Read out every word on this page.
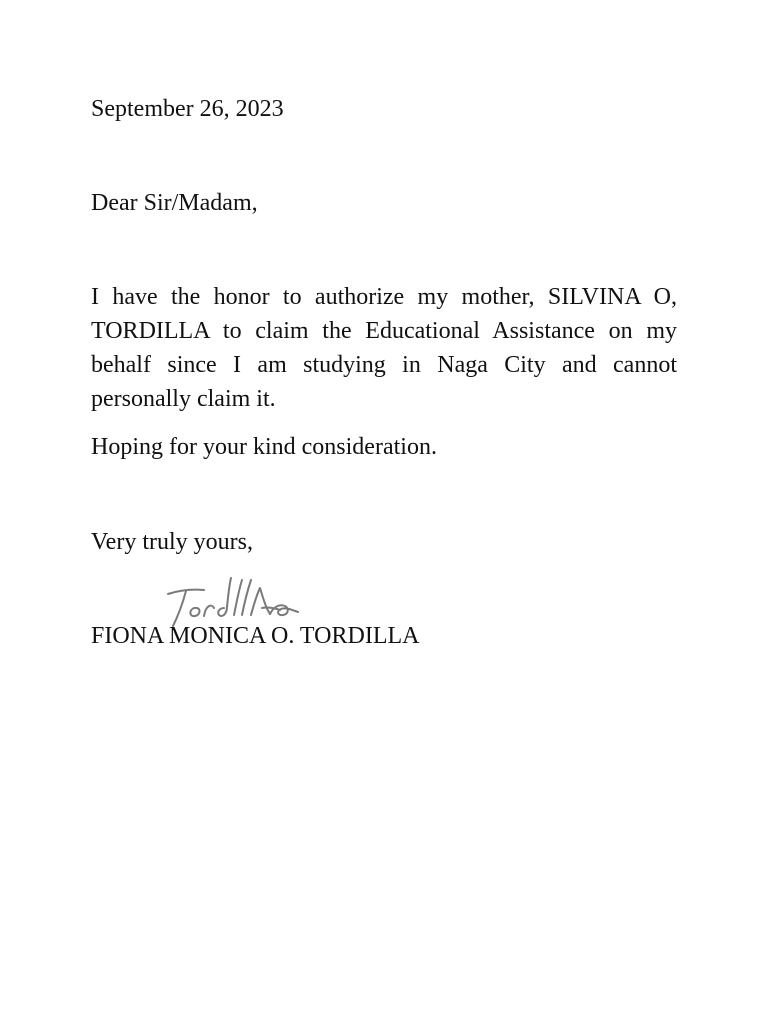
September 26, 2023

Dear Sir/Madam,

I have the honor to authorize my mother, SILVINA O, TORDILLA to claim the Educational Assistance on my behalf since I am studying in Naga City and cannot personally claim it.

Hoping for your kind consideration.

Very truly yours,

FIONA MONICA O. TORDILLA
